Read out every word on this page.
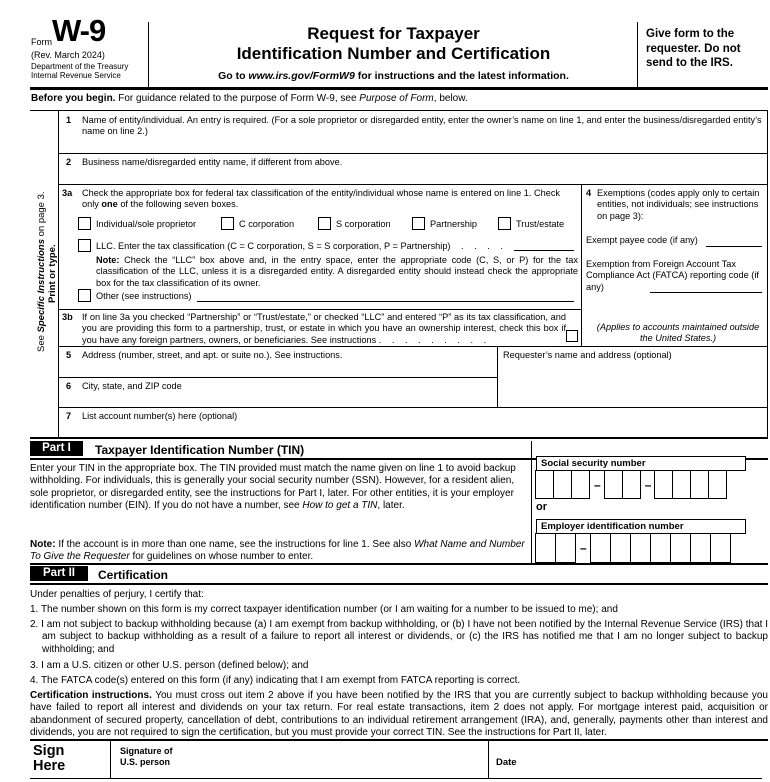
Form W-9
(Rev. March 2024)
Department of the Treasury
Internal Revenue Service
Request for Taxpayer
Identification Number and Certification
Go to www.irs.gov/FormW9 for instructions and the latest information.
Give form to the
requester. Do not
send to the IRS.
Before you begin. For guidance related to the purpose of Form W-9, see Purpose of Form, below.
Print or type.
See Specific Instructions on page 3.
1 Name of entity/individual. An entry is required. (For a sole proprietor or disregarded entity, enter the owner’s name on line 1, and enter the business/disregarded entity’s name on line 2.)
2 Business name/disregarded entity name, if different from above.
3a Check the appropriate box for federal tax classification of the entity/individual whose name is entered on line 1. Check only one of the following seven boxes.
Individual/sole proprietor	C corporation	S corporation	Partnership	Trust/estate
LLC. Enter the tax classification (C = C corporation, S = S corporation, P = Partnership) . . . .
Note: Check the “LLC” box above and, in the entry space, enter the appropriate code (C, S, or P) for the tax classification of the LLC, unless it is a disregarded entity. A disregarded entity should instead check the appropriate box for the tax classification of its owner.
Other (see instructions)
3b If on line 3a you checked “Partnership” or “Trust/estate,” or checked “LLC” and entered “P” as its tax classification, and you are providing this form to a partnership, trust, or estate in which you have an ownership interest, check this box if you have any foreign partners, owners, or beneficiaries. See instructions . . . . . . . . .
4 Exemptions (codes apply only to certain entities, not individuals; see instructions on page 3):
Exempt payee code (if any)
Exemption from Foreign Account Tax Compliance Act (FATCA) reporting code (if any)
(Applies to accounts maintained outside the United States.)
5 Address (number, street, and apt. or suite no.). See instructions.	Requester’s name and address (optional)
6 City, state, and ZIP code
7 List account number(s) here (optional)
Part I	Taxpayer Identification Number (TIN)
Enter your TIN in the appropriate box. The TIN provided must match the name given on line 1 to avoid backup withholding. For individuals, this is generally your social security number (SSN). However, for a resident alien, sole proprietor, or disregarded entity, see the instructions for Part I, later. For other entities, it is your employer identification number (EIN). If you do not have a number, see How to get a TIN, later.
Note: If the account is in more than one name, see the instructions for line 1. See also What Name and Number To Give the Requester for guidelines on whose number to enter.
Social security number
–	–
or
Employer identification number
–
Part II	Certification
Under penalties of perjury, I certify that:
1. The number shown on this form is my correct taxpayer identification number (or I am waiting for a number to be issued to me); and
2. I am not subject to backup withholding because (a) I am exempt from backup withholding, or (b) I have not been notified by the Internal Revenue Service (IRS) that I am subject to backup withholding as a result of a failure to report all interest or dividends, or (c) the IRS has notified me that I am no longer subject to backup withholding; and
3. I am a U.S. citizen or other U.S. person (defined below); and
4. The FATCA code(s) entered on this form (if any) indicating that I am exempt from FATCA reporting is correct.
Certification instructions. You must cross out item 2 above if you have been notified by the IRS that you are currently subject to backup withholding because you have failed to report all interest and dividends on your tax return. For real estate transactions, item 2 does not apply. For mortgage interest paid, acquisition or abandonment of secured property, cancellation of debt, contributions to an individual retirement arrangement (IRA), and, generally, payments other than interest and dividends, you are not required to sign the certification, but you must provide your correct TIN. See the instructions for Part II, later.
Sign
Here
Signature of
U.S. person	Date
